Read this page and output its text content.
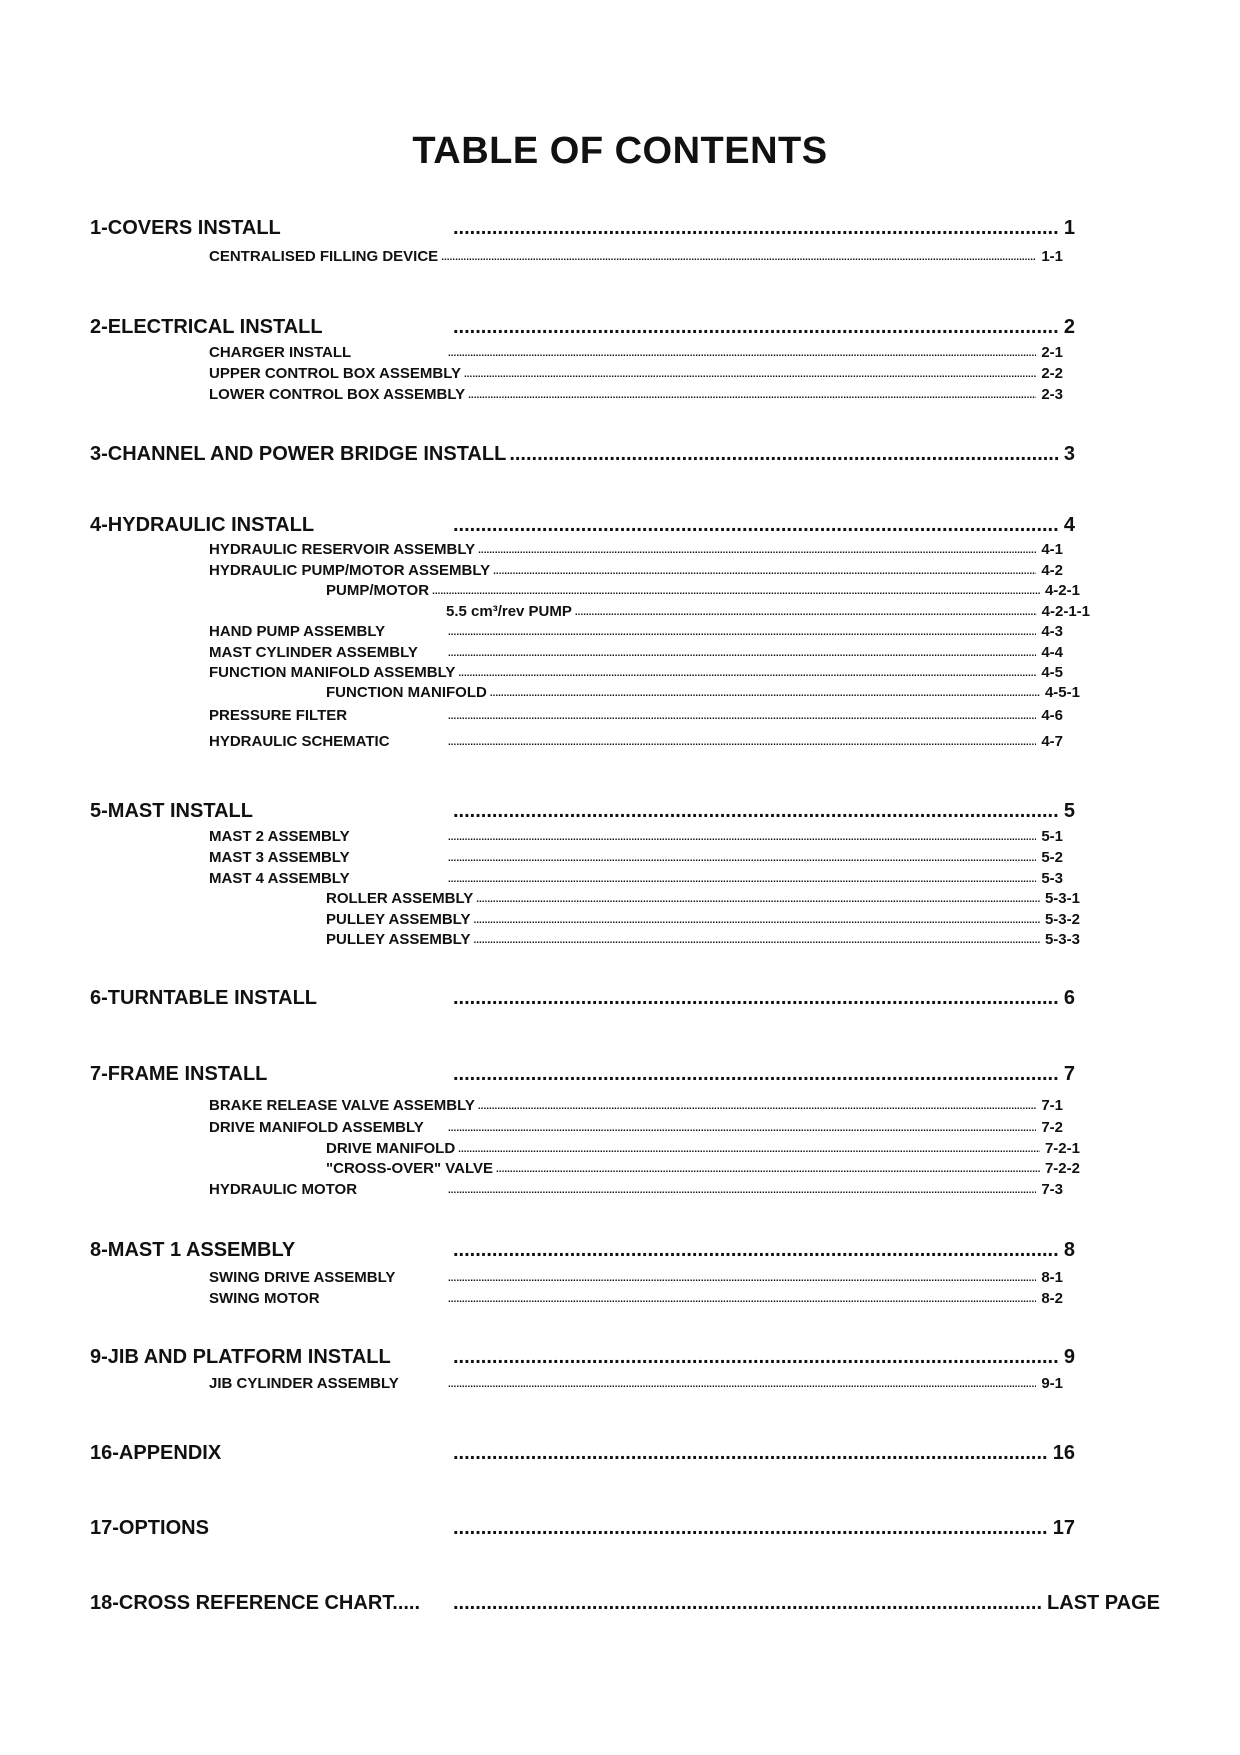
TABLE OF CONTENTS
1-COVERS INSTALL .....	1
CENTRALISED FILLING DEVICE .....	1-1
2-ELECTRICAL INSTALL .....	2
CHARGER INSTALL .....	2-1
UPPER CONTROL BOX ASSEMBLY .....	2-2
LOWER CONTROL BOX ASSEMBLY .....	2-3
3-CHANNEL AND POWER BRIDGE INSTALL .....	3
4-HYDRAULIC INSTALL .....	4
HYDRAULIC RESERVOIR ASSEMBLY .....	4-1
HYDRAULIC PUMP/MOTOR ASSEMBLY .....	4-2
PUMP/MOTOR .....	4-2-1
5.5 cm³/rev PUMP .....	4-2-1-1
HAND PUMP ASSEMBLY .....	4-3
MAST CYLINDER ASSEMBLY .....	4-4
FUNCTION MANIFOLD ASSEMBLY .....	4-5
FUNCTION MANIFOLD .....	4-5-1
PRESSURE FILTER .....	4-6
HYDRAULIC SCHEMATIC .....	4-7
5-MAST INSTALL .....	5
MAST 2 ASSEMBLY .....	5-1
MAST 3 ASSEMBLY .....	5-2
MAST 4 ASSEMBLY .....	5-3
ROLLER ASSEMBLY .....	5-3-1
PULLEY ASSEMBLY .....	5-3-2
PULLEY ASSEMBLY .....	5-3-3
6-TURNTABLE INSTALL .....	6
7-FRAME INSTALL .....	7
BRAKE RELEASE VALVE ASSEMBLY .....	7-1
DRIVE MANIFOLD ASSEMBLY .....	7-2
DRIVE MANIFOLD .....	7-2-1
"CROSS-OVER" VALVE .....	7-2-2
HYDRAULIC MOTOR .....	7-3
8-MAST 1 ASSEMBLY .....	8
SWING DRIVE ASSEMBLY .....	8-1
SWING MOTOR .....	8-2
9-JIB AND PLATFORM INSTALL .....	9
JIB CYLINDER ASSEMBLY .....	9-1
16-APPENDIX .....	16
17-OPTIONS .....	17
18-CROSS REFERENCE CHART..... .....	LAST PAGE
